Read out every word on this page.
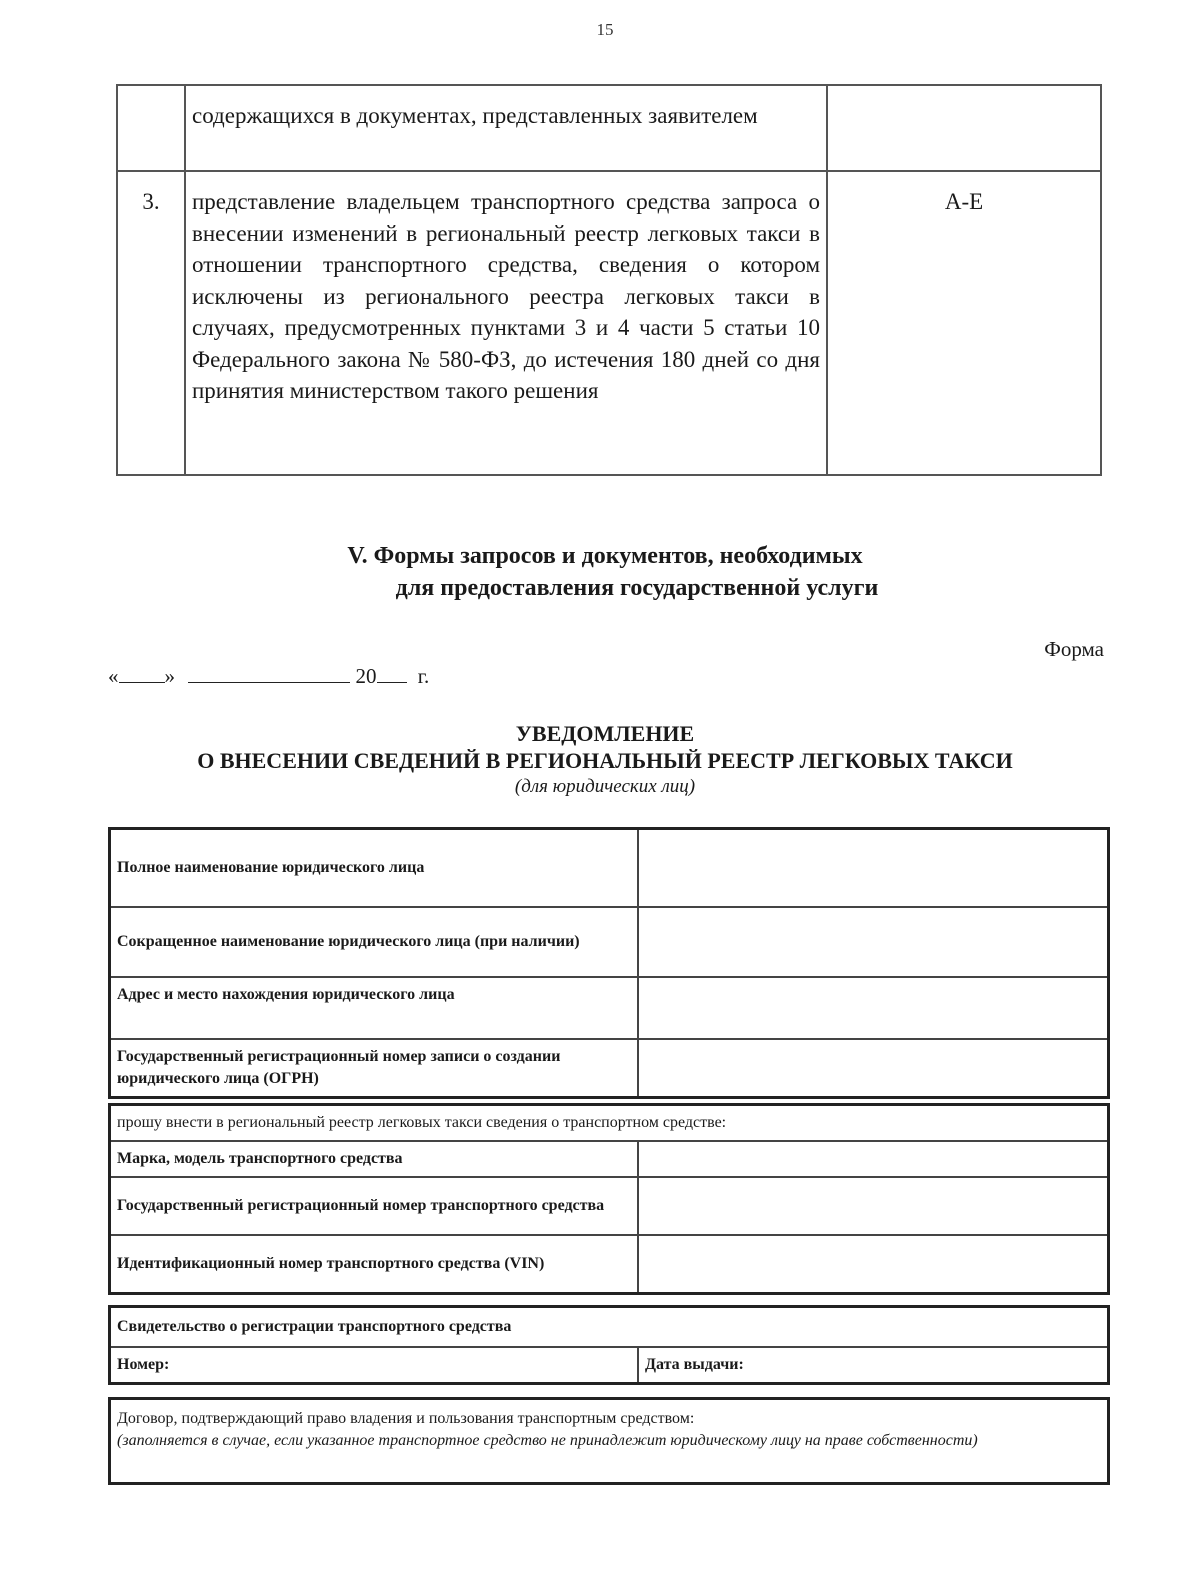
15
	содержащихся в документах, представленных заявителем	
3.	представление владельцем транспортного средства запроса о внесении изменений в региональный реестр легковых такси в отношении транспортного средства, сведения о котором исключены из регионального реестра легковых такси в случаях, предусмотренных пунктами 3 и 4 части 5 статьи 10 Федерального закона № 580-ФЗ, до истечения 180 дней со дня принятия министерством такого решения	А-Е
V. Формы запросов и документов, необходимых
для предоставления государственной услуги
Форма
« »	20 г.
УВЕДОМЛЕНИЕ
О ВНЕСЕНИИ СВЕДЕНИЙ В РЕГИОНАЛЬНЫЙ РЕЕСТР ЛЕГКОВЫХ ТАКСИ
(для юридических лиц)
Полное наименование юридического лица	
Сокращенное наименование юридического лица (при наличии)	
Адрес и место нахождения юридического лица	
Государственный регистрационный номер записи о создании юридического лица (ОГРН)	
прошу внести в региональный реестр легковых такси сведения о транспортном средстве:	
Марка, модель транспортного средства	
Государственный регистрационный номер транспортного средства	
Идентификационный номер транспортного средства (VIN)	
Свидетельство о регистрации транспортного средства
Номер:	Дата выдачи:
Договор, подтверждающий право владения и пользования транспортным средством:
(заполняется в случае, если указанное транспортное средство не принадлежит юридическому лицу на праве собственности)
